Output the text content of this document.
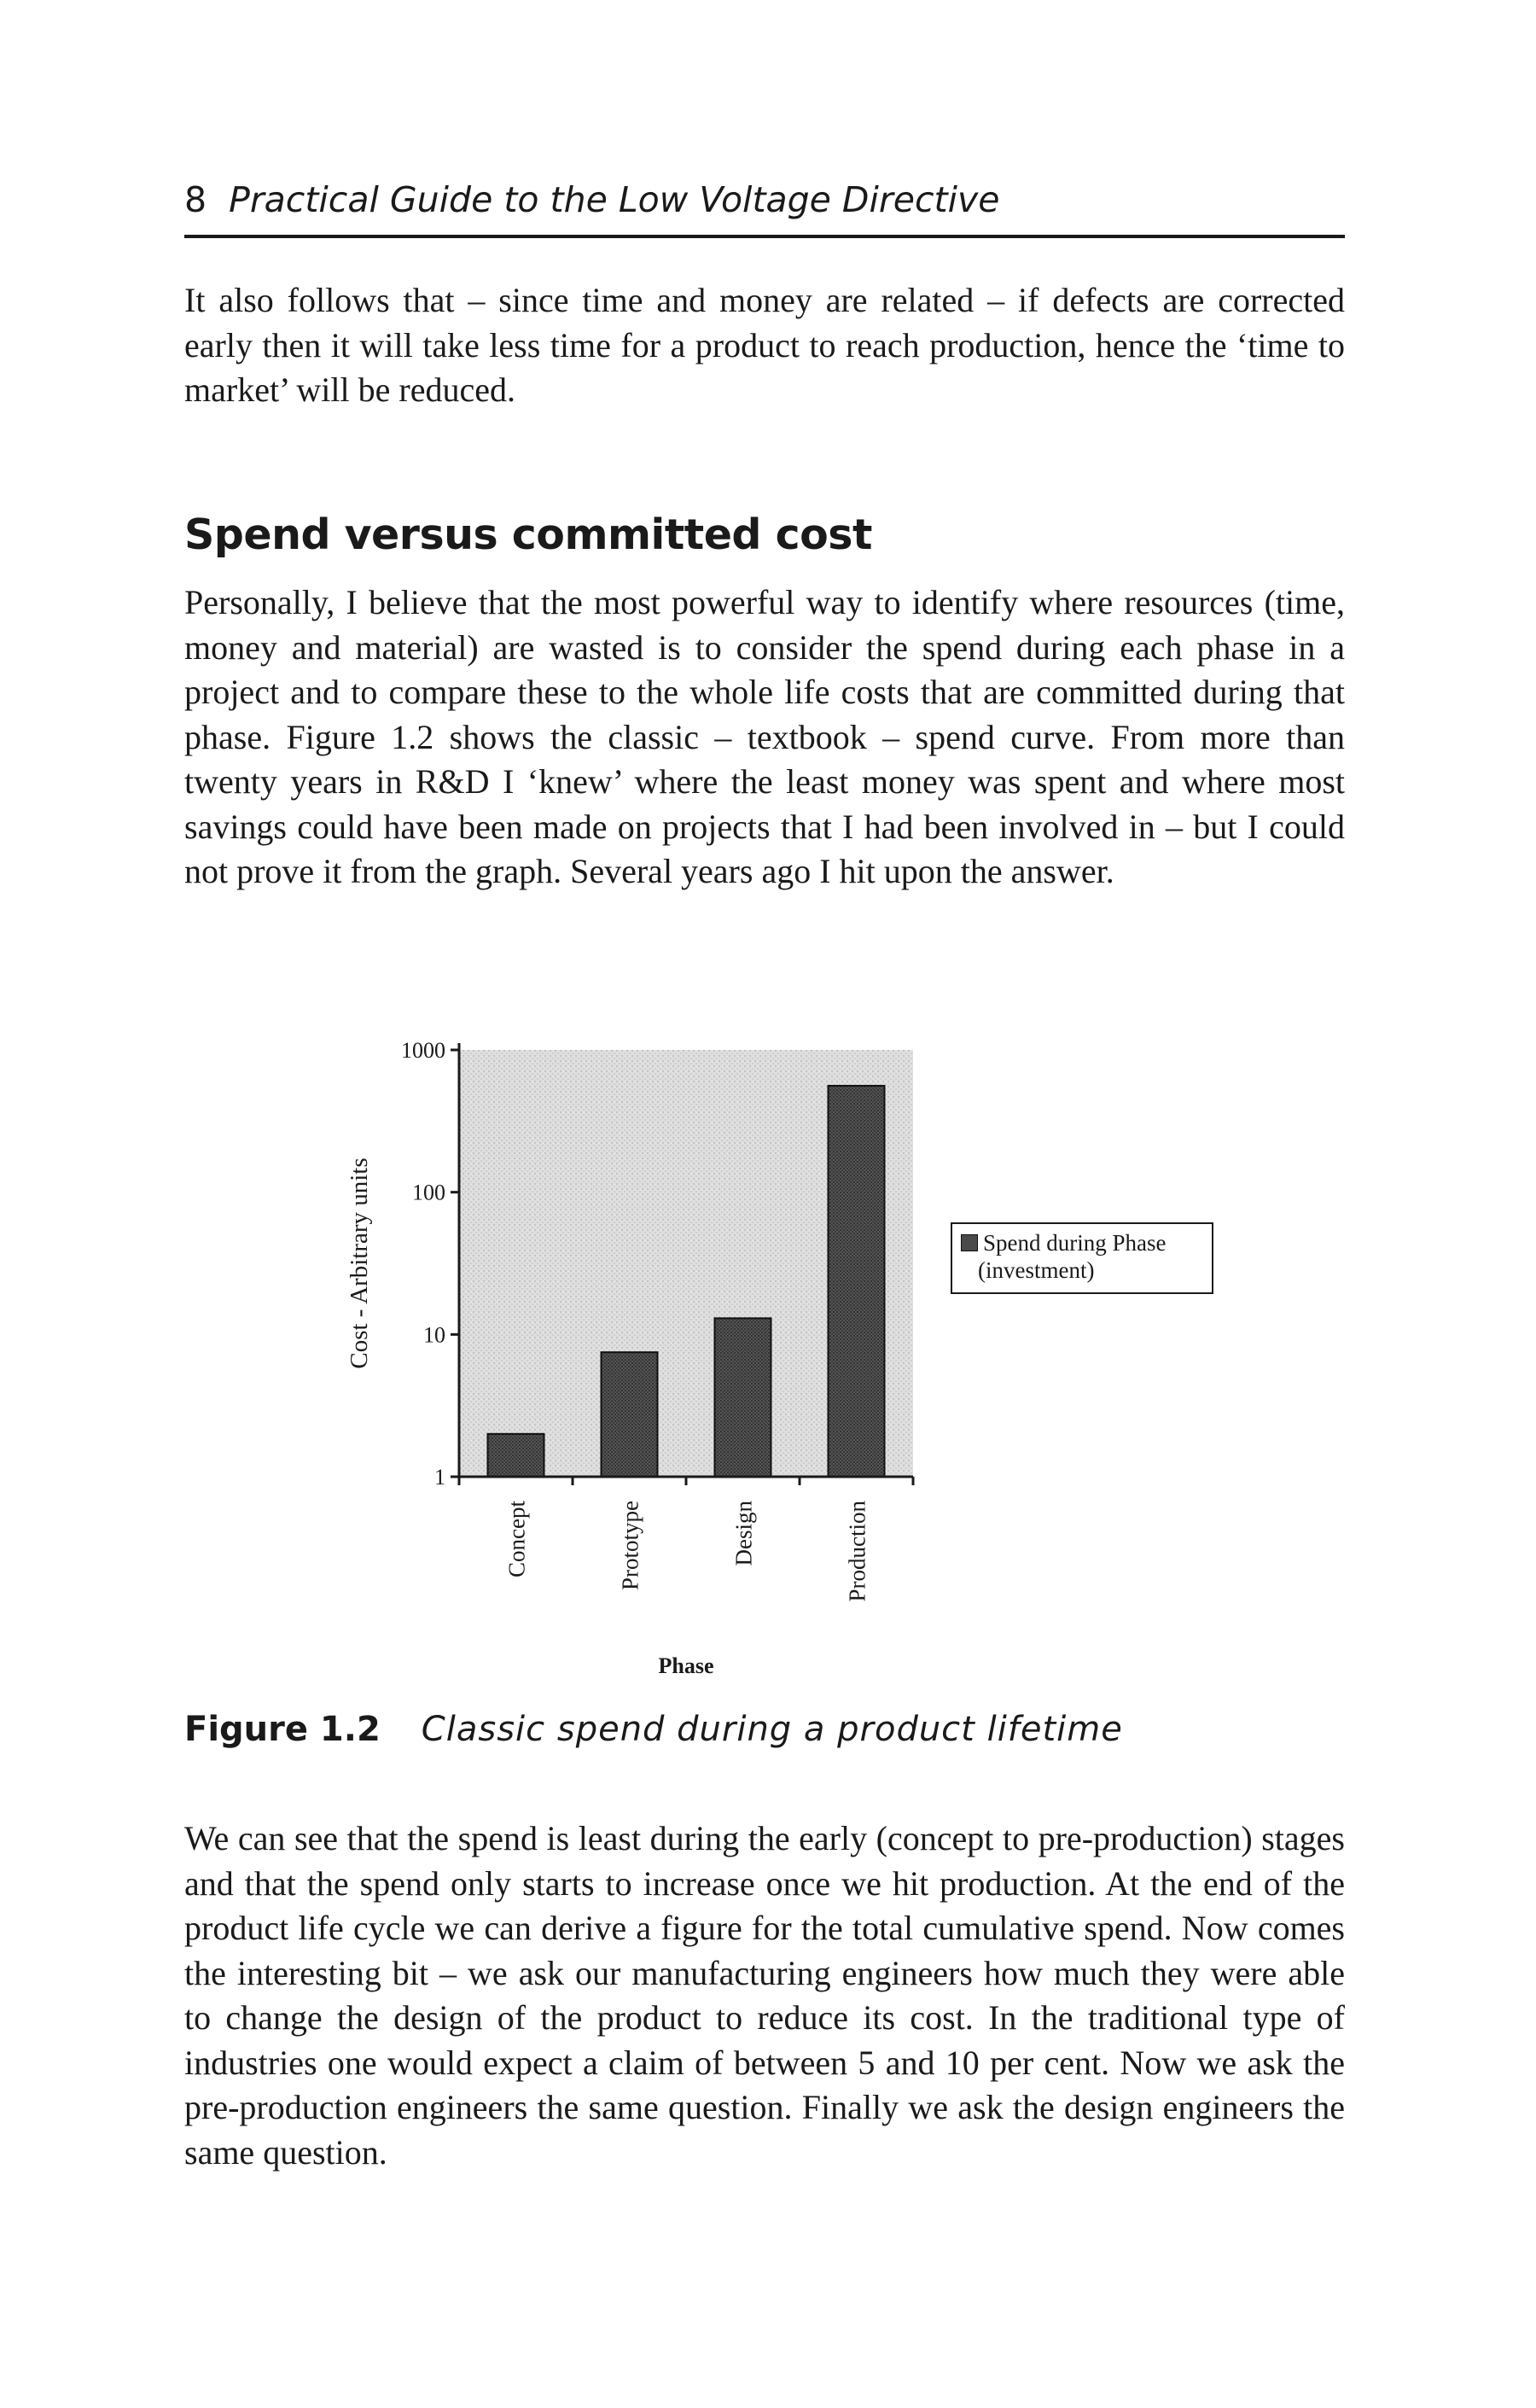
8 Practical Guide to the Low Voltage Directive

It also follows that – since time and money are related – if defects are corrected early then it will take less time for a product to reach production, hence the ‘time to market’ will be reduced.

Spend versus committed cost

Personally, I believe that the most powerful way to identify where resources (time, money and material) are wasted is to consider the spend during each phase in a project and to compare these to the whole life costs that are committed during that phase. Figure 1.2 shows the classic – textbook – spend curve. From more than twenty years in R&D I ‘knew’ where the least money was spent and where most savings could have been made on projects that I had been involved in – but I could not prove it from the graph. Several years ago I hit upon the answer.

1
10
100
1000
Concept	Prototype	Design	Production
Cost - Arbitrary units
Phase
Spend during Phase
(investment)
Figure 1.2 Classic spend during a product lifetime

We can see that the spend is least during the early (concept to pre-production) stages and that the spend only starts to increase once we hit production. At the end of the product life cycle we can derive a figure for the total cumulative spend. Now comes the interesting bit – we ask our manufacturing engineers how much they were able to change the design of the product to reduce its cost. In the traditional type of industries one would expect a claim of between 5 and 10 per cent. Now we ask the pre-production engineers the same question. Finally we ask the design engineers the same question.
